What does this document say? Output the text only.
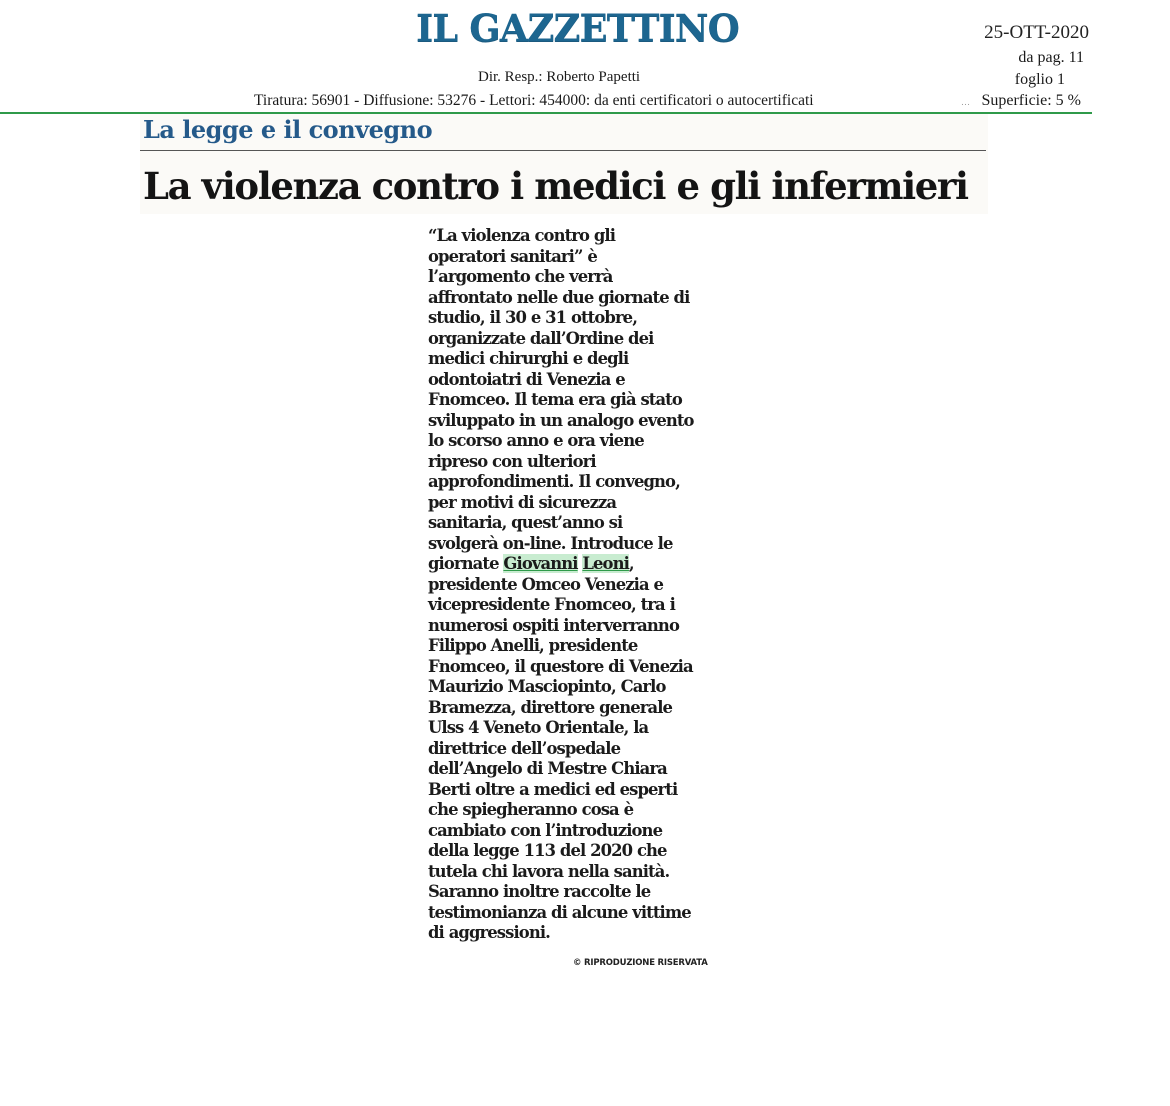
IL GAZZETTINO	25-OTT-2020
da pag. 11
foglio 1
Dir. Resp.: Roberto Papetti
Tiratura: 56901 - Diffusione: 53276 - Lettori: 454000: da enti certificatori o autocertificati	… Superficie: 5 %
La legge e il convegno
La violenza contro i medici e gli infermieri
“La violenza contro gli
operatori sanitari” è
l’argomento che verrà
affrontato nelle due giornate di
studio, il 30 e 31 ottobre,
organizzate dall’Ordine dei
medici chirurghi e degli
odontoiatri di Venezia e
Fnomceo. Il tema era già stato
sviluppato in un analogo evento
lo scorso anno e ora viene
ripreso con ulteriori
approfondimenti. Il convegno,
per motivi di sicurezza
sanitaria, quest’anno si
svolgerà on-line. Introduce le
giornate Giovanni Leoni,
presidente Omceo Venezia e
vicepresidente Fnomceo, tra i
numerosi ospiti interverranno
Filippo Anelli, presidente
Fnomceo, il questore di Venezia
Maurizio Masciopinto, Carlo
Bramezza, direttore generale
Ulss 4 Veneto Orientale, la
direttrice dell’ospedale
dell’Angelo di Mestre Chiara
Berti oltre a medici ed esperti
che spiegheranno cosa è
cambiato con l’introduzione
della legge 113 del 2020 che
tutela chi lavora nella sanità.
Saranno inoltre raccolte le
testimonianza di alcune vittime
di aggressioni.
© RIPRODUZIONE RISERVATA
